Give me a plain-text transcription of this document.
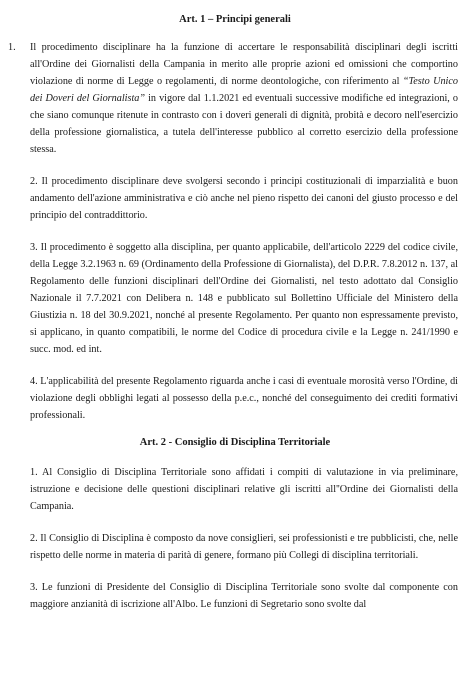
Art. 1 – Principi generali

1. Il procedimento disciplinare ha la funzione di accertare le responsabilità disciplinari degli iscritti all'Ordine dei Giornalisti della Campania in merito alle proprie azioni ed omissioni che comportino violazione di norme di Legge o regolamenti, di norme deontologiche, con riferimento al “Testo Unico dei Doveri del Giornalista” in vigore dal 1.1.2021 ed eventuali successive modifiche ed integrazioni, o che siano comunque ritenute in contrasto con i doveri generali di dignità, probità e decoro nell'esercizio della professione giornalistica, a tutela dell'interesse pubblico al corretto esercizio della professione stessa.

2. Il procedimento disciplinare deve svolgersi secondo i principi costituzionali di imparzialità e buon andamento dell'azione amministrativa e ciò anche nel pieno rispetto dei canoni del giusto processo e del principio del contraddittorio.

3. Il procedimento è soggetto alla disciplina, per quanto applicabile, dell'articolo 2229 del codice civile, della Legge 3.2.1963 n. 69 (Ordinamento della Professione di Giornalista), del D.P.R. 7.8.2012 n. 137, al Regolamento delle funzioni disciplinari dell'Ordine dei Giornalisti, nel testo adottato dal Consiglio Nazionale il 7.7.2021 con Delibera n. 148 e pubblicato sul Bollettino Ufficiale del Ministero della Giustizia n. 18 del 30.9.2021, nonché al presente Regolamento. Per quanto non espressamente previsto, si applicano, in quanto compatibili, le norme del Codice di procedura civile e la Legge n. 241/1990 e succ. mod. ed int.

4. L'applicabilità del presente Regolamento riguarda anche i casi di eventuale morosità verso l'Ordine, di violazione degli obblighi legati al possesso della p.e.c., nonché del conseguimento dei crediti formativi professionali.

Art. 2 - Consiglio di Disciplina Territoriale

1. Al Consiglio di Disciplina Territoriale sono affidati i compiti di valutazione in via preliminare, istruzione e decisione delle questioni disciplinari relative gli iscritti all''Ordine dei Giornalisti della Campania.

2. Il Consiglio di Disciplina è composto da nove consiglieri, sei professionisti e tre pubblicisti, che, nelle rispetto delle norme in materia di parità di genere, formano più Collegi di disciplina territoriali.

3. Le funzioni di Presidente del Consiglio di Disciplina Territoriale sono svolte dal componente con maggiore anzianità di iscrizione all'Albo. Le funzioni di Segretario sono svolte dal
